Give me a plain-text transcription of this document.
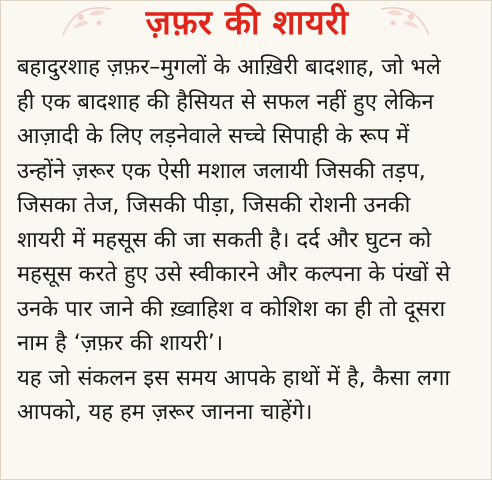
ज़फ़र की शायरी

बहादुरशाह ज़फ़र–मुगलों के आख़िरी बादशाह, जो भले
ही एक बादशाह की हैसियत से सफल नहीं हुए लेकिन
आज़ादी के लिए लड़नेवाले सच्चे सिपाही के रूप में
उन्होंने ज़रूर एक ऐसी मशाल जलायी जिसकी तड़प,
जिसका तेज, जिसकी पीड़ा, जिसकी रोशनी उनकी
शायरी में महसूस की जा सकती है। दर्द और घुटन को
महसूस करते हुए उसे स्वीकारने और कल्पना के पंखों से
उनके पार जाने की ख़्वाहिश व कोशिश का ही तो दूसरा
नाम है ‘ज़फ़र की शायरी’।

यह जो संकलन इस समय आपके हाथों में है, कैसा लगा
आपको, यह हम ज़रूर जानना चाहेंगे।
